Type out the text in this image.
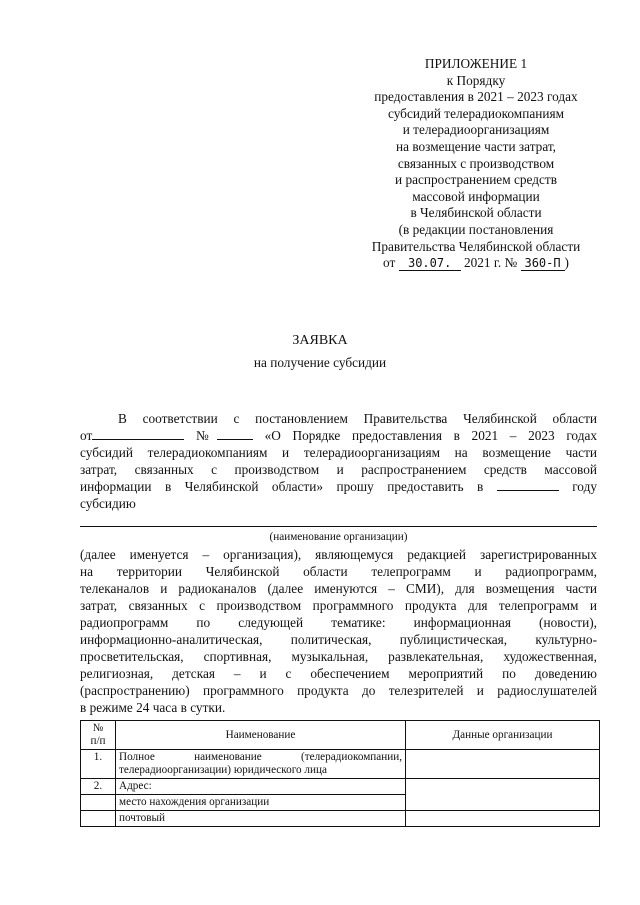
ПРИЛОЖЕНИЕ 1
к Порядку
предоставления в 2021 – 2023 годах
субсидий телерадиокомпаниям
и телерадиоорганизациям
на возмещение части затрат,
связанных с производством
и распространением средств
массовой информации
в Челябинской области
(в редакции постановления
Правительства Челябинской области
от 30.07. 2021 г. № 360-П )
ЗАЯВКА
на получение субсидии
В соответствии с постановлением Правительства Челябинской области
от	№	«О Порядке предоставления в 2021 – 2023 годах
субсидий телерадиокомпаниям и телерадиоорганизациям на возмещение части
затрат, связанных с производством и распространением средств массовой
информации в Челябинской области» прошу предоставить в	году
субсидию
(наименование организации)
(далее именуется – организация), являющемуся редакцией зарегистрированных
на территории Челябинской области телепрограмм и радиопрограмм,
телеканалов и радиоканалов (далее именуются – СМИ), для возмещения части
затрат, связанных с производством программного продукта для телепрограмм и
радиопрограмм по следующей тематике: информационная (новости),
информационно-аналитическая, политическая, публицистическая, культурно-
просветительская, спортивная, музыкальная, развлекательная, художественная,
религиозная, детская – и с обеспечением мероприятий по доведению
(распространению) программного продукта до телезрителей и радиослушателей
в режиме 24 часа в сутки.
№
п/п	Наименование	Данные организации
1.	Полное наименование (телерадиокомпании,
телерадиоорганизации) юридического лица	

2.	Адрес:	
	место нахождения организации	
	почтовый	
